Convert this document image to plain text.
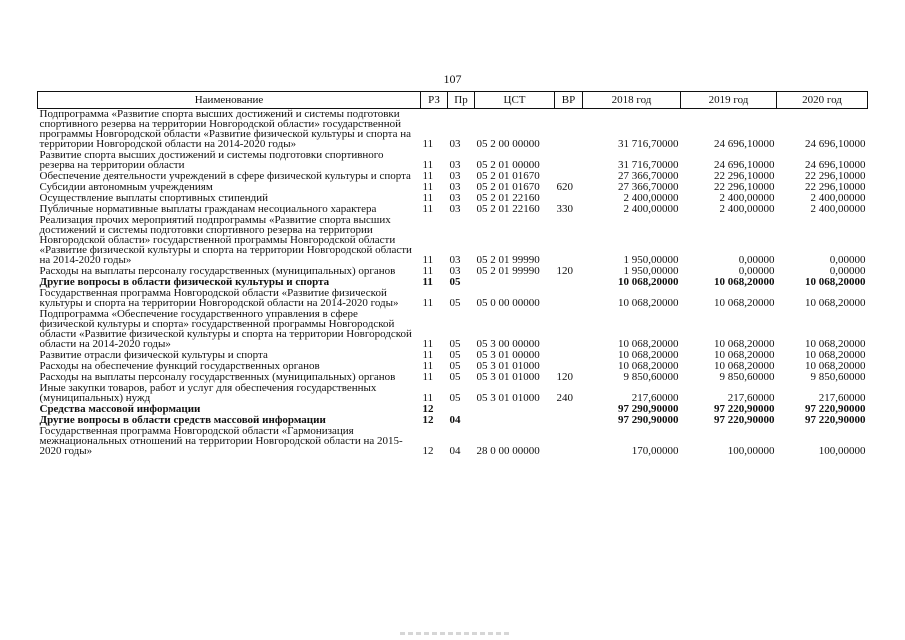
107
Наименование	РЗ	Пр	ЦСТ	ВР	2018 год	2019 год	2020 год
Подпрограмма «Развитие спорта высших достижений и системы подготовки спортивного резерва на территории Новгородской области» государственной программы Новгородской области «Развитие физической культуры и спорта на территории Новгородской области на 2014-2020 годы»	11	03	05 2 00 00000		31 716,70000	24 696,10000	24 696,10000
Развитие спорта высших достижений и системы подготовки спортивного резерва на территории области	11	03	05 2 01 00000		31 716,70000	24 696,10000	24 696,10000
Обеспечение деятельности учреждений в сфере физической культуры и спорта	11	03	05 2 01 01670		27 366,70000	22 296,10000	22 296,10000
Субсидии автономным учреждениям	11	03	05 2 01 01670	620	27 366,70000	22 296,10000	22 296,10000
Осуществление выплаты спортивных стипендий	11	03	05 2 01 22160		2 400,00000	2 400,00000	2 400,00000
Публичные нормативные выплаты гражданам несоциального характера	11	03	05 2 01 22160	330	2 400,00000	2 400,00000	2 400,00000
Реализация прочих мероприятий подпрограммы «Развитие спорта высших достижений и системы подготовки спортивного резерва на территории Новгородской области» государственной программы Новгородской области «Развитие физической культуры и спорта на территории Новгородской области на 2014-2020 годы»	11	03	05 2 01 99990		1 950,00000	0,00000	0,00000
Расходы на выплаты персоналу государственных (муниципальных) органов	11	03	05 2 01 99990	120	1 950,00000	0,00000	0,00000
Другие вопросы в области физической культуры и спорта	11	05			10 068,20000	10 068,20000	10 068,20000
Государственная программа Новгородской области «Развитие физической культуры и спорта на территории Новгородской области на 2014-2020 годы»	11	05	05 0 00 00000		10 068,20000	10 068,20000	10 068,20000
Подпрограмма «Обеспечение государственного управления в сфере физической культуры и спорта» государственной программы Новгородской области «Развитие физической культуры и спорта на территории Новгородской области на 2014-2020 годы»	11	05	05 3 00 00000		10 068,20000	10 068,20000	10 068,20000
Развитие отрасли физической культуры и спорта	11	05	05 3 01 00000		10 068,20000	10 068,20000	10 068,20000
Расходы на обеспечение функций государственных органов	11	05	05 3 01 01000		10 068,20000	10 068,20000	10 068,20000
Расходы на выплаты персоналу государственных (муниципальных) органов	11	05	05 3 01 01000	120	9 850,60000	9 850,60000	9 850,60000
Иные закупки товаров, работ и услуг для обеспечения государственных (муниципальных) нужд	11	05	05 3 01 01000	240	217,60000	217,60000	217,60000
Средства массовой информации	12				97 290,90000	97 220,90000	97 220,90000
Другие вопросы в области средств массовой информации	12	04			97 290,90000	97 220,90000	97 220,90000
Государственная программа Новгородской области «Гармонизация межнациональных отношений на территории Новгородской области на 2015-2020 годы»	12	04	28 0 00 00000		170,00000	100,00000	100,00000
